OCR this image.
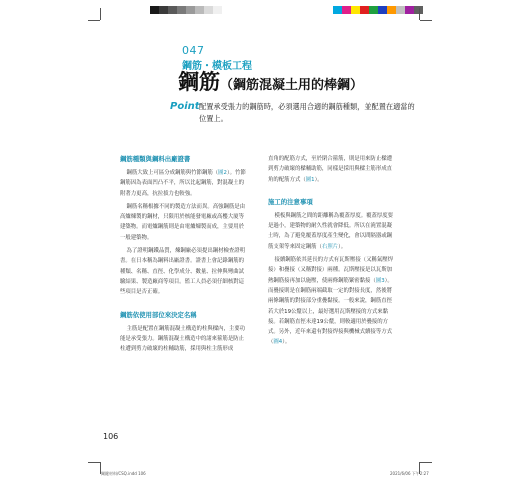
047
鋼筋・模板工程
鋼筋（鋼筋混凝土用的棒鋼）
Point 配置承受張力的鋼筋時，必須選用合適的鋼筋種類，並配置在適當的位置上。
鋼筋種類與鋼料出廠證書

鋼筋大致上可區分成鋼筋與竹節鋼筋（圖2）。竹節鋼筋因為表面凹凸不平，所以比起鋼筋，對混凝土的附著力更高，抗拉拔力也較強。

鋼筋名稱根據不同的製造方法而異。高強鋼筋是由高爐煉製的鋼材，只限用於核能發電廠或高樓大廈等建築物。而電爐鋼筋則是由電爐煉製而成，主要用於一般建築物。

為了證明鋼鐵品質，煉鋼廠必須提出鋼材檢查證明書。在日本稱為鋼料出廠證書。證書上會記錄鋼筋的種類、名稱、直徑、化學成分、數量、拉伸與彎曲試驗結果、製造廠商等項目。監工人員必須仔細核對這些項目是否正確。

鋼筋依使用部位來決定名稱

主筋是配置在鋼筋混凝土構造的柱與樑內，主要功能是承受張力。鋼筋混凝土構造中的諸來箍筋是防止柱遭到剪力破壞的柱輔助筋，採用與柱主筋形成

直角的配筋方式，至於閉合箍筋，則是用來防止樑遭到剪力破壞的樑輔助筋，同樣是採用與樑主筋形成直角的配筋方式（圖1）。

施工的注意事項

模板與鋼筋之間的距離稱為覆蓋厚度。覆蓋厚度要是過小，建築物的耐久性就會降低。所以在澆置混凝土時，為了避免覆蓋厚度產生變化，會以間隔器或鋼筋支架等來固定鋼筋（右照片）。

接續鋼筋依其延長的方式有瓦斯壓接（又稱氣壓焊接）和疊接（又稱對接）兩種。瓦斯壓接是以瓦斯加熱鋼筋接再加以施壓，使兩條鋼筋緊密黏接（圖3）。而疊接則是在鋼筋兩端截取一定的對接長度，然後將兩條鋼筋的對接部分重疊黏接。一般來說，鋼筋直徑若大於19公釐以上，最好選用瓦斯壓接的方式來黏接。若鋼筋直徑未達19公釐，則較適用於疊接的方式。另外，近年來還有對接焊接與機械式續接等方式（圖4）。

106
關鍵材料/CSQ.indd 106	2021/6/06 下午2:27
